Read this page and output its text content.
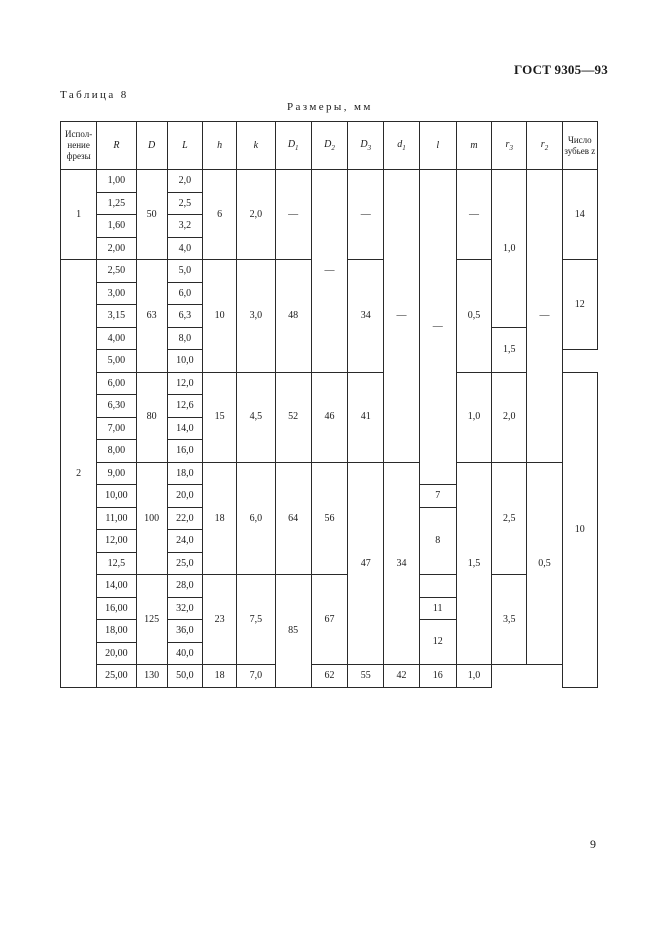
ГОСТ 9305—93
Таблица 8
Размеры, мм
Испол-нение фрезы	R	D	L	h	k	$D_1$	$D_2$	$D_3$	$d_1$	l	m	$r_3$	$r_2$	Число зубьев z
1	1,00	50	2,0	6	2,0	—	—	—	—	—	—	1,0	—	14
	1,25		2,5											
	1,60		3,2											
	2,00		4,0											
2	2,50	63	5,0	10	3,0	48		34			0,5			12
	3,00		6,0											
	3,15		6,3											
	4,00		8,0									1,5		
	5,00		10,0											
	6,00	80	12,0	15	4,5	52	46	41			1,0	2,0		10
	6,30		12,6											
	7,00		14,0											
	8,00		16,0											
	9,00	100	18,0	18	6,0	64	56	47	34		1,5	2,5	0,5	
	10,00		20,0							7				
	11,00		22,0							8				
	12,00		24,0											
	12,5		25,0											
	14,00	125	28,0	23	7,5	85	67					3,5		
	16,00		32,0							11				
	18,00		36,0							12				
	20,00		40,0											
	25,00	130	50,0	18	7,0		62	55	42	16	1,0			
9
